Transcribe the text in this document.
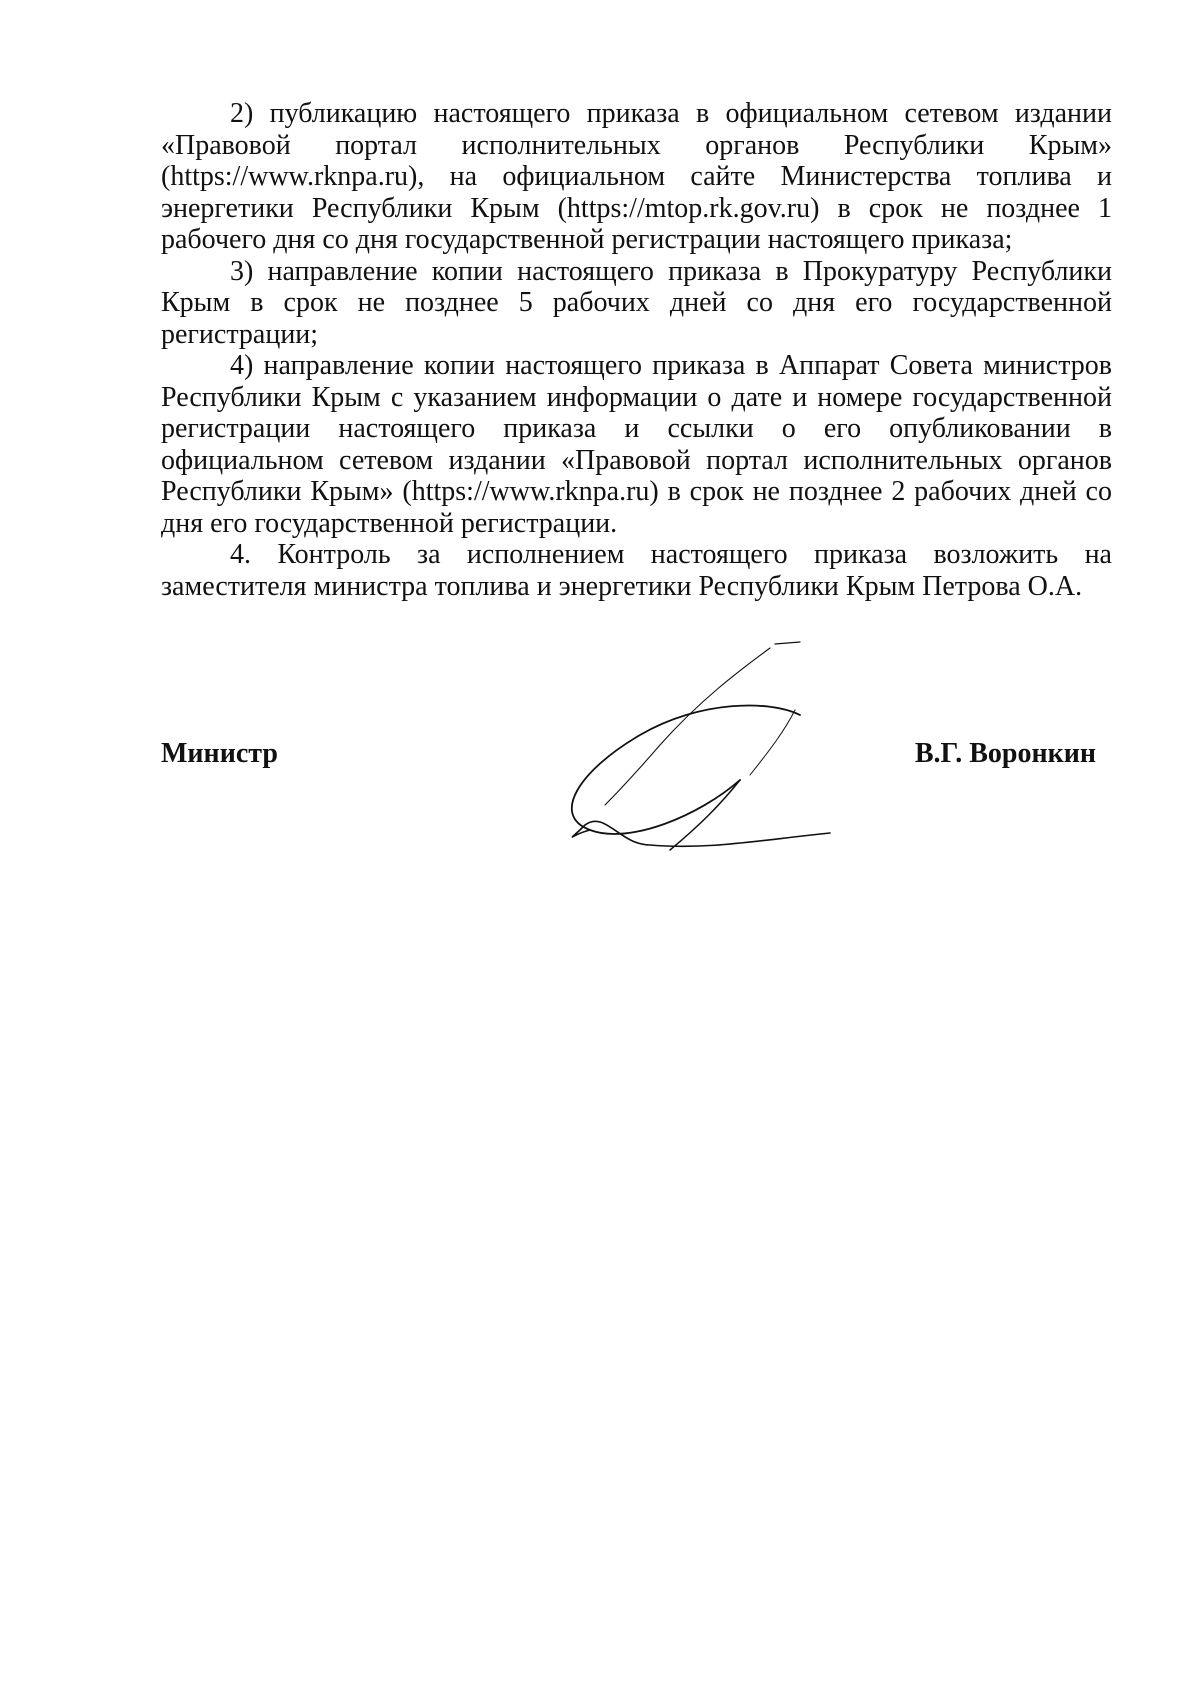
2) публикацию настоящего приказа в официальном сетевом издании «Правовой портал исполнительных органов Республики Крым» (https://www.rknpa.ru), на официальном сайте Министерства топлива и энергетики Республики Крым (https://mtop.rk.gov.ru) в срок не позднее 1 рабочего дня со дня государственной регистрации настоящего приказа;

3) направление копии настоящего приказа в Прокуратуру Республики Крым в срок не позднее 5 рабочих дней со дня его государственной регистрации;

4) направление копии настоящего приказа в Аппарат Совета министров Республики Крым с указанием информации о дате и номере государственной регистрации настоящего приказа и ссылки о его опубликовании в официальном сетевом издании «Правовой портал исполнительных органов Республики Крым» (https://www.rknpa.ru) в срок не позднее 2 рабочих дней со дня его государственной регистрации.

4. Контроль за исполнением настоящего приказа возложить на заместителя министра топлива и энергетики Республики Крым Петрова О.А.

Министр	В.Г. Воронкин
